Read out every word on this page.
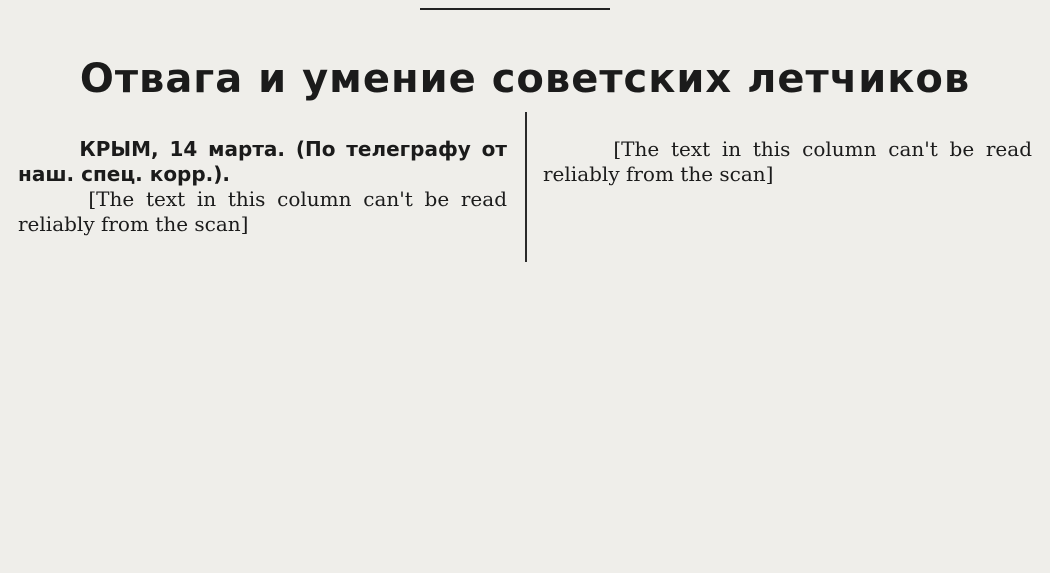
Отвага и умение советских летчиков

КРЫМ, 14 марта. (По телеграфу от наш. спец. корр.).
[The text in this column can't be read reliably from the scan]

[The text in this column can't be read reliably from the scan]
